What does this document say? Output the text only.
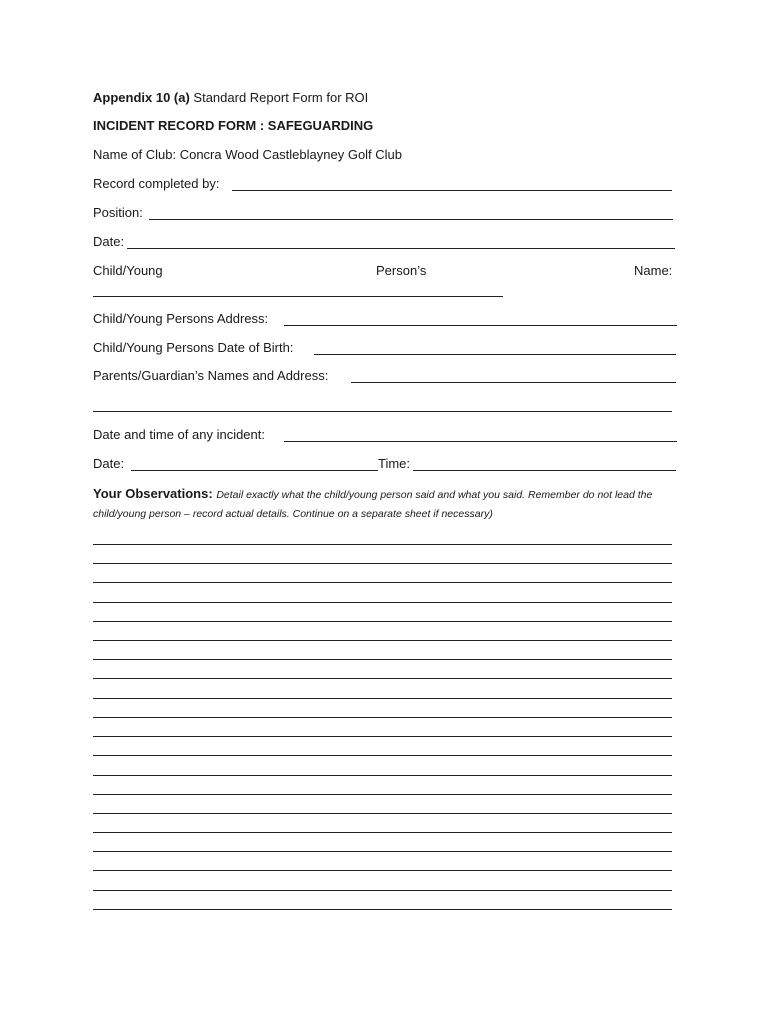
Appendix 10 (a) Standard Report Form for ROI
INCIDENT RECORD FORM : SAFEGUARDING
Name of Club: Concra Wood Castleblayney Golf Club
Record completed by:
Position:
Date:
Child/Young	Person’s	Name:
Child/Young Persons Address:
Child/Young Persons Date of Birth:
Parents/Guardian’s Names and Address:
Date and time of any incident:
Date:	Time:
Your Observations: Detail exactly what the child/young person said and what you said. Remember do not lead the child/young person – record actual details. Continue on a separate sheet if necessary)
